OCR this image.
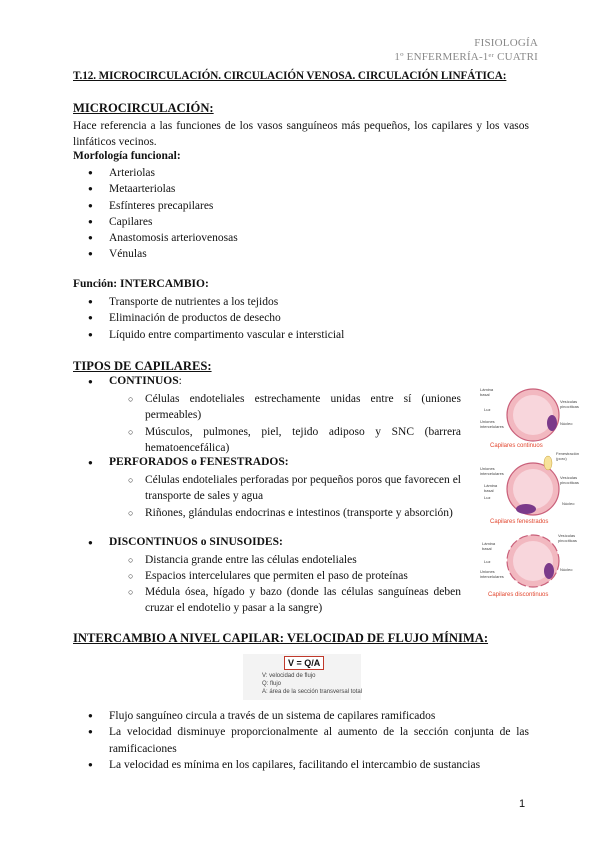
FISIOLOGÍA
1º ENFERMERÍA-1ᵉʳ CUATRI
T.12. MICROCIRCULACIÓN. CIRCULACIÓN VENOSA. CIRCULACIÓN LINFÁTICA:
MICROCIRCULACIÓN:
Hace referencia a las funciones de los vasos sanguíneos más pequeños, los capilares y los vasos linfáticos vecinos.
Morfología funcional:
● Arteriolas
● Metaarteriolas
● Esfínteres precapilares
● Capilares
● Anastomosis arteriovenosas
● Vénulas
Función: INTERCAMBIO:
● Transporte de nutrientes a los tejidos
● Eliminación de productos de desecho
● Líquido entre compartimento vascular e intersticial
TIPOS DE CAPILARES:
● CONTINUOS:
○ Células endoteliales estrechamente unidas entre sí (uniones permeables)
○ Músculos, pulmones, piel, tejido adiposo y SNC (barrera hematoencefálica)
● PERFORADOS o FENESTRADOS:
○ Células endoteliales perforadas por pequeños poros que favorecen el transporte de sales y agua
○ Riñones, glándulas endocrinas e intestinos (transporte y absorción)
● DISCONTINUOS o SINUSOIDES:
○ Distancia grande entre las células endoteliales
○ Espacios intercelulares que permiten el paso de proteínas
○ Médula ósea, hígado y bazo (donde las células sanguíneas deben cruzar el endotelio y pasar a la sangre)
Lámina
basal
Luz
Uniones
intercelulares
Vesículas
pinocíticas
Núcleo
Capilares continuos
Uniones
intercelulares
Lámina
basal
Luz
Fenestración
(poro)
Vesículas
pinocíticas
Núcleo
Capilares fenestrados
Lámina
basal
Luz
Uniones
intercelulares
Vesículas
pinocíticas
Núcleo
Capilares discontinuos
INTERCAMBIO A NIVEL CAPILAR: VELOCIDAD DE FLUJO MÍNIMA:
V = Q/A
V: velocidad de flujo
Q: flujo
A: área de la sección transversal total
● Flujo sanguíneo circula a través de un sistema de capilares ramificados
● La velocidad disminuye proporcionalmente al aumento de la sección conjunta de las ramificaciones
● La velocidad es mínima en los capilares, facilitando el intercambio de sustancias
1
